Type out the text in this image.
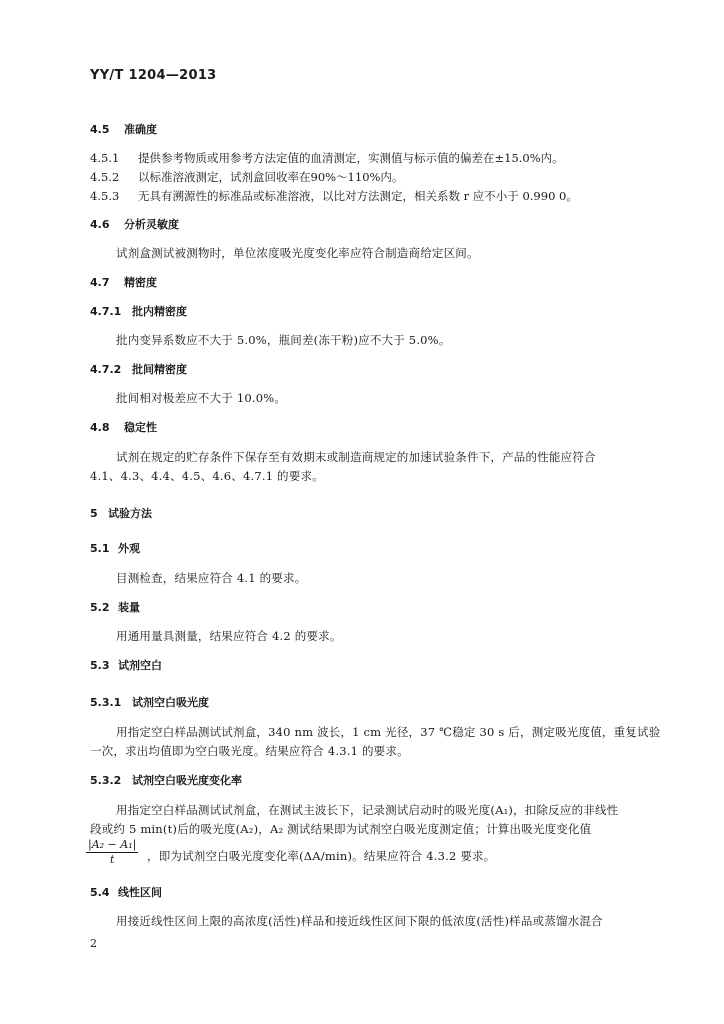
YY/T 1204—2013
4.5 准确度
4.5.1 提供参考物质或用参考方法定值的血清测定，实测值与标示值的偏差在±15.0%内。
4.5.2 以标准溶液测定，试剂盒回收率在90%～110%内。
4.5.3 无具有溯源性的标准品或标准溶液，以比对方法测定，相关系数 r 应不小于 0.990 0。
4.6 分析灵敏度
试剂盒测试被测物时，单位浓度吸光度变化率应符合制造商给定区间。
4.7 精密度
4.7.1 批内精密度
批内变异系数应不大于 5.0%，瓶间差(冻干粉)应不大于 5.0%。
4.7.2 批间精密度
批间相对极差应不大于 10.0%。
4.8 稳定性
试剂在规定的贮存条件下保存至有效期末或制造商规定的加速试验条件下，产品的性能应符合
4.1、4.3、4.4、4.5、4.6、4.7.1 的要求。
5 试验方法
5.1 外观
目测检查，结果应符合 4.1 的要求。
5.2 装量
用通用量具测量，结果应符合 4.2 的要求。
5.3 试剂空白
5.3.1 试剂空白吸光度
用指定空白样品测试试剂盒，340 nm 波长，1 cm 光径，37 ℃稳定 30 s 后，测定吸光度值，重复试验
一次，求出均值即为空白吸光度。结果应符合 4.3.1 的要求。
5.3.2 试剂空白吸光度变化率
用指定空白样品测试试剂盒，在测试主波长下，记录测试启动时的吸光度(A₁)，扣除反应的非线性
段或约 5 min(t)后的吸光度(A₂)，A₂ 测试结果即为试剂空白吸光度测定值；计算出吸光度变化值
$\frac{\text{|A₂ − A₁|}}{t}$ ，即为试剂空白吸光度变化率(ΔA/min)。结果应符合 4.3.2 要求。
5.4 线性区间
用接近线性区间上限的高浓度(活性)样品和接近线性区间下限的低浓度(活性)样品或蒸馏水混合
2
